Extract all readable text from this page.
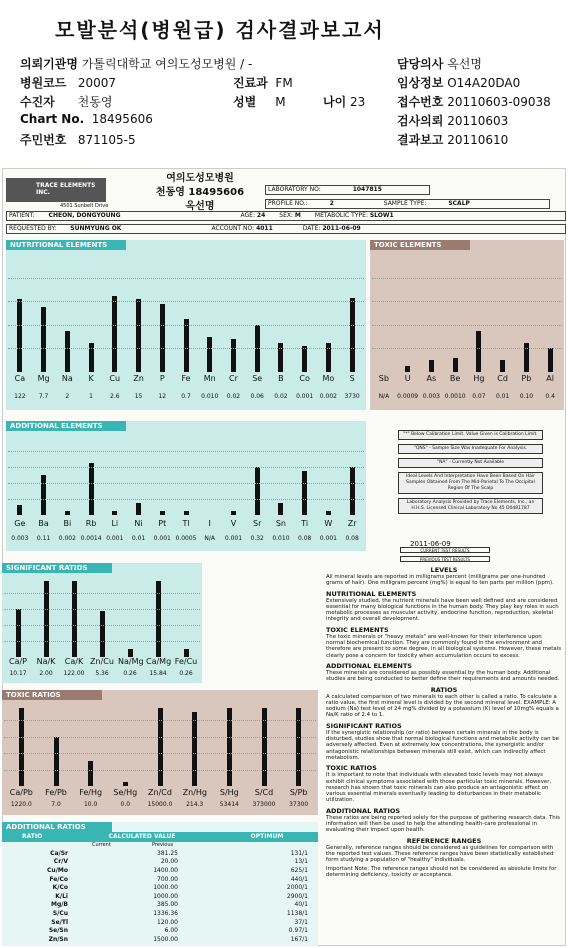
모발분석(병원급) 검사결과보고서
의뢰기관명 가톨릭대학교 여의도성모병원 / -
병원코드 20007
수진자 천동영
Chart No. 18495606
주민번호 871105-5
진료과 FM
성별 M	나이 23
담당의사 옥선명
임상정보 O14A20DA0
접수번호 20110603-09038
검사의뢰 20110603
결과보고 20110610
TRACE ELEMENTS INC.
4501 Sunbelt Drive
여의도성모병원
천동영 18495606
옥선명
LABORATORY NO:	1047815
PROFILE NO.:	2	SAMPLE TYPE:	SCALP
PATIENT: CHEON, DONGYOUNG	AGE: 24 SEX: M METABOLIC TYPE: SLOW1
REQUESTED BY: SUNMYUNG OK	ACCOUNT NO: 4011	DATE: 2011-06-09
NUTRITIONAL ELEMENTS	TOXIC ELEMENTS
ADDITIONAL ELEMENTS
SIGNIFICANT RATIOS
TOXIC RATIOS
"*" Below Calibration Limit. Value Given is Calibration Limit.
"QNS" - Sample Size Was Inadequate For Analysis.
"NA" - Currently Not Available
Ideal Levels And Interpretation Have Been Based On Hair Samples Obtained From The Mid-Parietal To The Occipital Region Of The Scalp
Laboratory Analysis Provided by Trace Elements, Inc., an H.H.S. Licensed Clinical Laboratory No 45 D0481787
2011-06-09
CURRENT TEST RESULTS
PREVIOUS TEST RESULTS
LEVELS
All mineral levels are reported in milligrams percent (milligrams per one-hundred grams of hair). One milligram percent (mg%) is equal to ten parts per million (ppm).
NUTRITIONAL ELEMENTS
Extensively studied, the nutrient minerals have been well defined and are considered essential for many biological functions in the human body. They play key roles in such metabolic processes as muscular activity, endocrine function, reproduction, skeletal integrity and overall development.
TOXIC ELEMENTS
The toxic minerals or "heavy metals" are well-known for their interference upon normal biochemical function. They are commonly found in the environment and therefore are present to some degree, in all biological systems. However, these metals clearly pose a concern for toxicity when accumulation occurs to excess.
ADDITIONAL ELEMENTS
These minerals are considered as possibly essential by the human body. Additional studies are being conducted to better define their requirements and amounts needed.
RATIOS
A calculated comparison of two minerals to each other is called a ratio. To calculate a ratio value, the first mineral level is divided by the second mineral level. EXAMPLE: A sodium (Na) test level of 24 mg% divided by a potassium (K) level of 10mg% equals a Na/K ratio of 2.4 to 1.
SIGNIFICANT RATIOS
If the synergistic relationship (or ratio) between certain minerals in the body is disturbed, studies show that normal biological functions and metabolic activity can be adversely affected. Even at extremely low concentrations, the synergistic and/or antagonistic relationships between minerals still exist, which can indirectly affect metabolism.
TOXIC RATIOS
It is important to note that individuals with elevated toxic levels may not always exhibit clinical symptoms associated with those particular toxic minerals. However, research has shown that toxic minerals can also produce an antagonistic effect on various essential minerals eventually leading to disturbances in their metabolic utilization.
ADDITIONAL RATIOS
These ratios are being reported solely for the purpose of gathering research data. This information will then be used to help the attending health-care professional in evaluating their impact upon health.
REFERENCE RANGES
Generally, reference ranges should be considered as guidelines for comparison with the reported test values. These reference ranges have been statistically established form studying a population of "healthy" individuals.
Important Note: The reference ranges should not be considered as absolute limits for determining deficiency, toxicity or acceptance.
ADDITIONAL RATIOS
RATIO	CALCULATED VALUE	OPTIMUM
Current	Previous
Ca/Sr	381.25		131/1
Cr/V	20.00		13/1
Cu/Mo	1400.00		625/1
Fe/Co	700.00		440/1
K/Co	1000.00		2000/1
K/Li	1000.00		2900/1
Mg/B	385.00		40/1
S/Cu	1336.36		1138/1
Se/Tl	120.00		37/1
Se/Sn	6.00		0.97/1
Zn/Sn	1500.00		167/1
Ca
122
Mg
7.7
Na
2
K
1
Cu
2.6
Zn
15
P
12
Fe
0.7
Mn
0.010
Cr
0.02
Se
0.06
B
0.02
Co
0.001
Mo
0.002
S
3730
Sb
N/A
U
0.0009
As
0.003
Be
0.0010
Hg
0.07
Cd
0.01
Pb
0.10
Al
0.4
Ge
0.003
Ba
0.11
Bi
0.002
Rb
0.0014
Li
0.001
Ni
0.01
Pt
0.001
Tl
0.0005
I
N/A
V
0.001
Sr
0.32
Sn
0.010
Ti
0.08
W
0.001
Zr
0.08
Ca/P
10.17
Na/K
2.00
Ca/K
122.00
Zn/Cu
5.36
Na/Mg
0.26
Ca/Mg
15.84
Fe/Cu
0.26
Ca/Pb
1220.0
Fe/Pb
7.0
Fe/Hg
10.0
Se/Hg
0.0
Zn/Cd
15000.0
Zn/Hg
214.3
S/Hg
53414
S/Cd
373000
S/Pb
37300
